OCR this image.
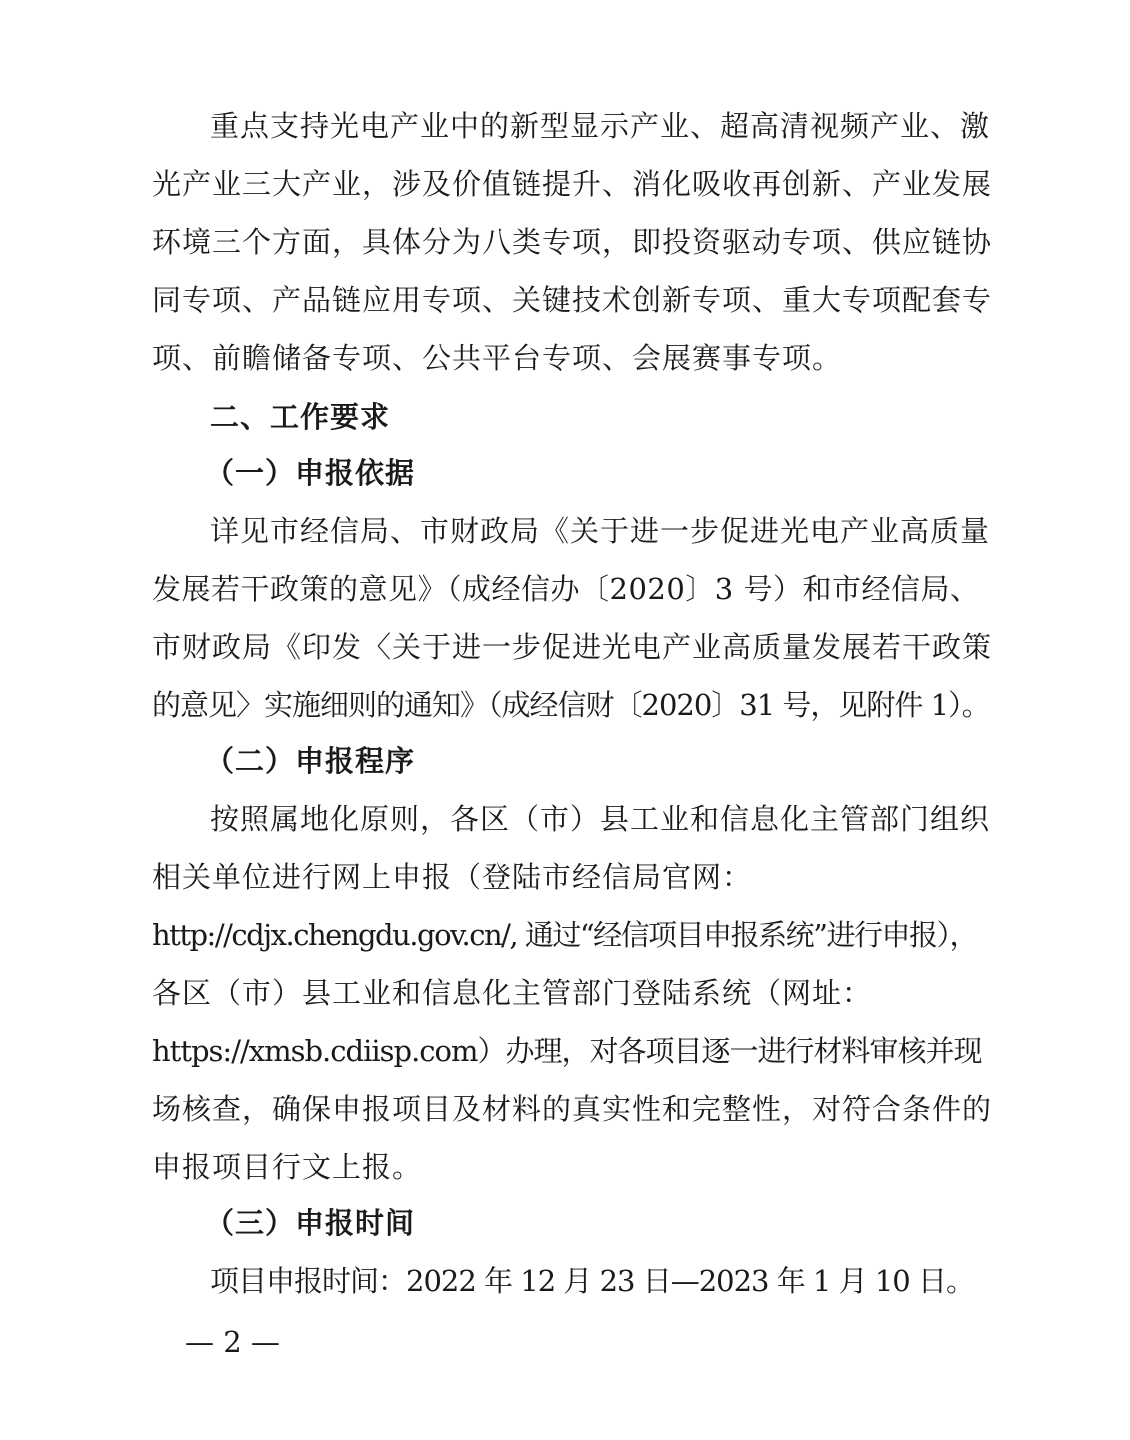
重点支持光电产业中的新型显示产业、超高清视频产业、激
光产业三大产业，涉及价值链提升、消化吸收再创新、产业发展
环境三个方面，具体分为八类专项，即投资驱动专项、供应链协
同专项、产品链应用专项、关键技术创新专项、重大专项配套专
项、前瞻储备专项、公共平台专项、会展赛事专项。
二、工作要求
（一）申报依据
详见市经信局、市财政局《关于进一步促进光电产业高质量
发展若干政策的意见》（成经信办〔2020〕3 号）和市经信局、
市财政局《印发〈关于进一步促进光电产业高质量发展若干政策
的意见〉实施细则的通知》（成经信财〔2020〕31 号，见附件 1）。
（二）申报程序
按照属地化原则，各区（市）县工业和信息化主管部门组织
相关单位进行网上申报（登陆市经信局官网：
http://cdjx.chengdu.gov.cn/, 通过“经信项目申报系统”进行申报），
各区（市）县工业和信息化主管部门登陆系统（网址：
https://xmsb.cdiisp.com）办理，对各项目逐一进行材料审核并现
场核查，确保申报项目及材料的真实性和完整性，对符合条件的
申报项目行文上报。
（三）申报时间
项目申报时间：2022 年 12 月 23 日—2023 年 1 月 10 日。
— 2 —
